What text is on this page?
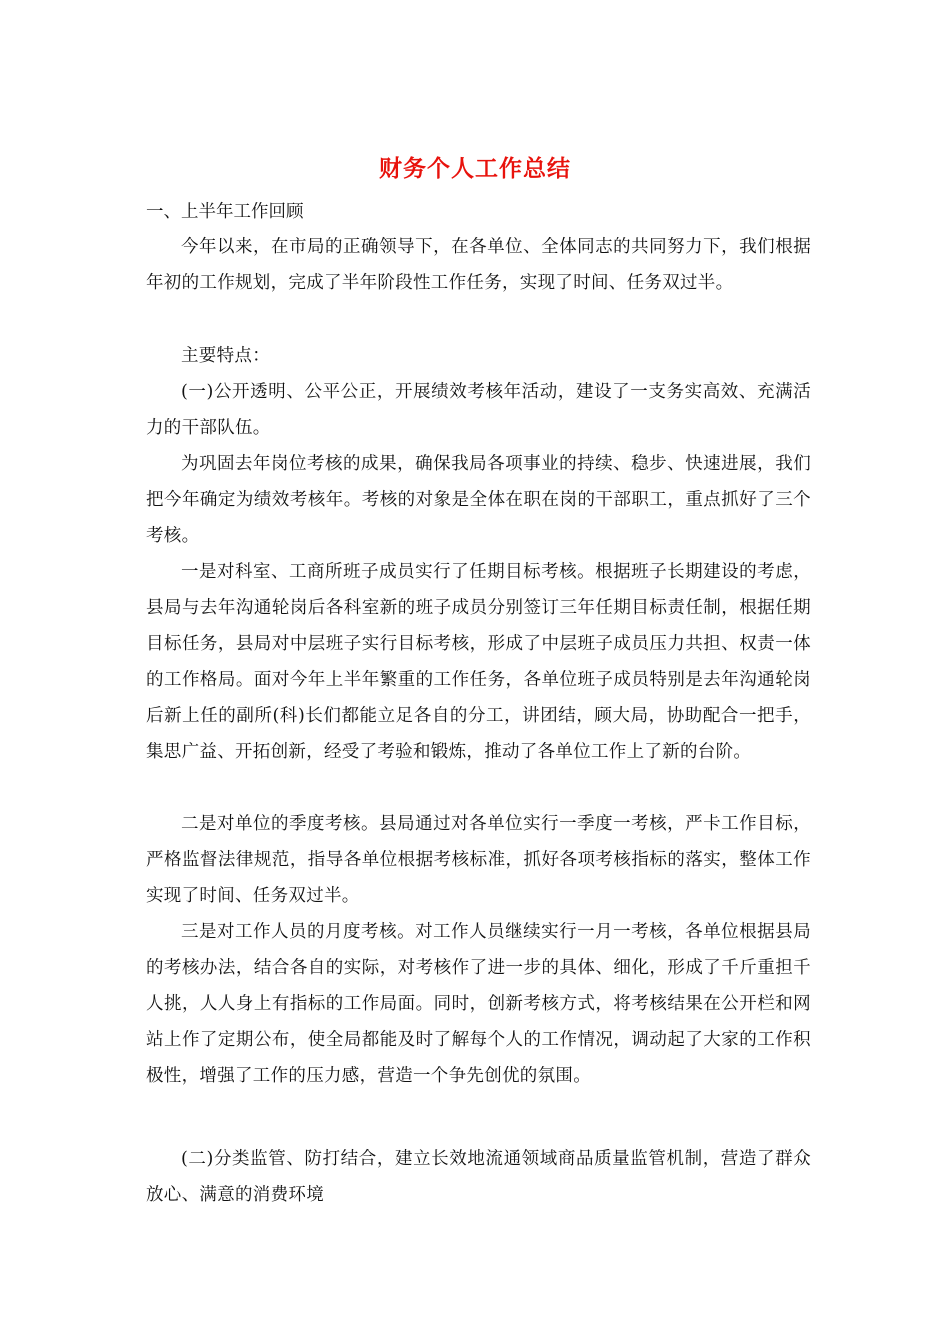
财务个人工作总结
一、上半年工作回顾
今年以来，在市局的正确领导下，在各单位、全体同志的共同努力下，我们根据年初的工作规划，完成了半年阶段性工作任务，实现了时间、任务双过半。
主要特点：
(一)公开透明、公平公正，开展绩效考核年活动，建设了一支务实高效、充满活力的干部队伍。
为巩固去年岗位考核的成果，确保我局各项事业的持续、稳步、快速进展，我们把今年确定为绩效考核年。考核的对象是全体在职在岗的干部职工，重点抓好了三个考核。
一是对科室、工商所班子成员实行了任期目标考核。根据班子长期建设的考虑，县局与去年沟通轮岗后各科室新的班子成员分别签订三年任期目标责任制，根据任期目标任务，县局对中层班子实行目标考核，形成了中层班子成员压力共担、权责一体的工作格局。面对今年上半年繁重的工作任务，各单位班子成员特别是去年沟通轮岗后新上任的副所(科)长们都能立足各自的分工，讲团结，顾大局，协助配合一把手，集思广益、开拓创新，经受了考验和锻炼，推动了各单位工作上了新的台阶。
二是对单位的季度考核。县局通过对各单位实行一季度一考核，严卡工作目标，严格监督法律规范，指导各单位根据考核标准，抓好各项考核指标的落实，整体工作实现了时间、任务双过半。
三是对工作人员的月度考核。对工作人员继续实行一月一考核，各单位根据县局的考核办法，结合各自的实际，对考核作了进一步的具体、细化，形成了千斤重担千人挑，人人身上有指标的工作局面。同时，创新考核方式，将考核结果在公开栏和网站上作了定期公布，使全局都能及时了解每个人的工作情况，调动起了大家的工作积极性，增强了工作的压力感，营造一个争先创优的氛围。
(二)分类监管、防打结合，建立长效地流通领域商品质量监管机制，营造了群众放心、满意的消费环境
